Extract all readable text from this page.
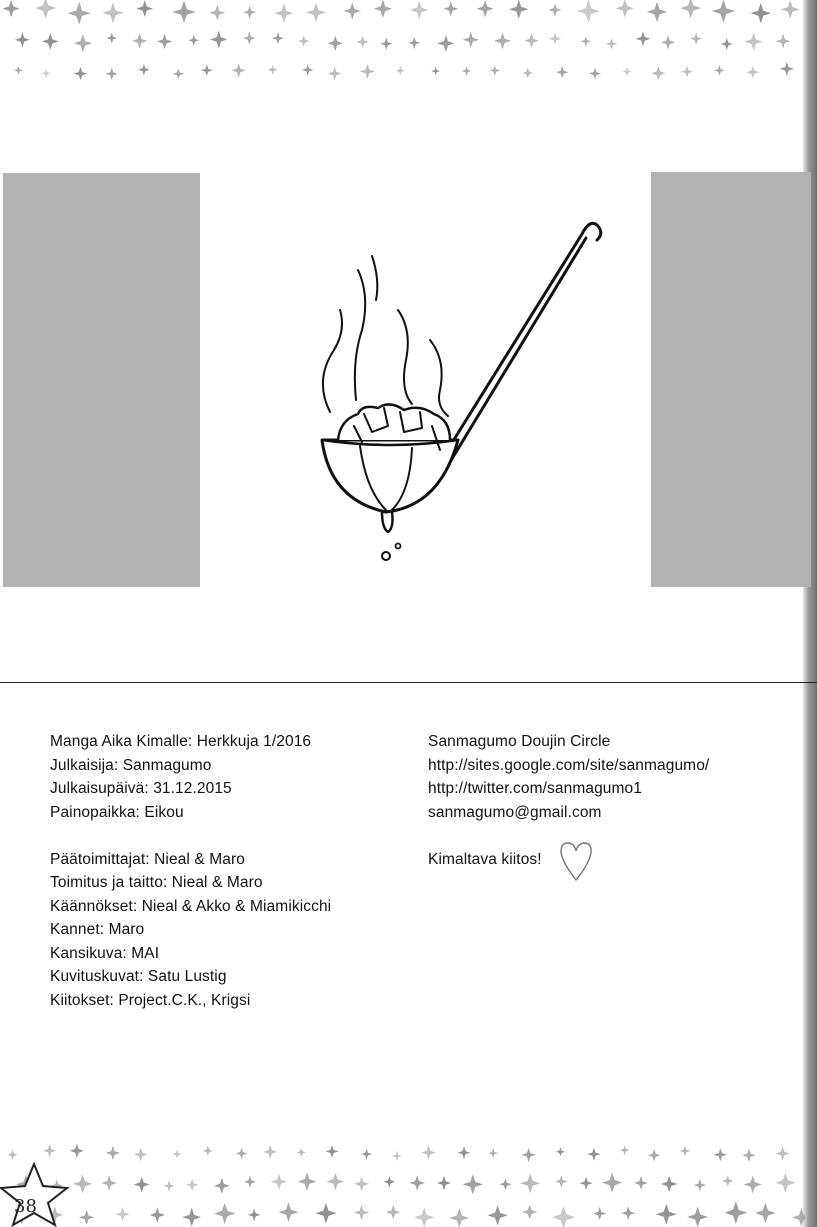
Manga Aika Kimalle: Herkkuja 1/2016
Julkaisija: Sanmagumo
Julkaisupäivä: 31.12.2015
Painopaikka: Eikou
Päätoimittajat: Nieal & Maro
Toimitus ja taitto: Nieal & Maro
Käännökset: Nieal & Akko & Miamikicchi
Kannet: Maro
Kansikuva: MAI
Kuvituskuvat: Satu Lustig
Kiitokset: Project.C.K., Krigsi
Sanmagumo Doujin Circle
http://sites.google.com/site/sanmagumo/
http://twitter.com/sanmagumo1
sanmagumo@gmail.com
Kimaltava kiitos!
38
